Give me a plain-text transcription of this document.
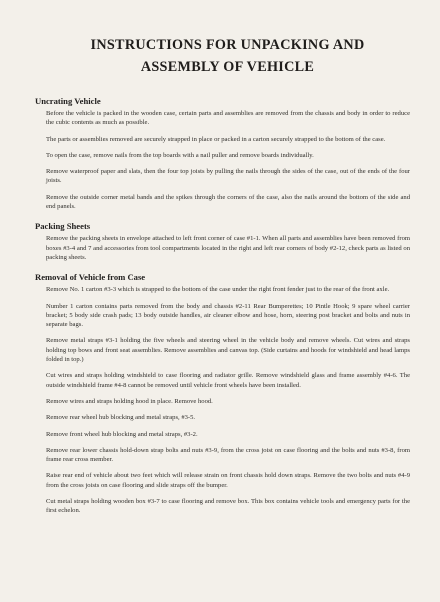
INSTRUCTIONS FOR UNPACKING AND
ASSEMBLY OF VEHICLE
Uncrating Vehicle

Before the vehicle is packed in the wooden case, certain parts and assemblies are removed from the chassis and body in order to reduce the cubic contents as much as possible.

The parts or assemblies removed are securely strapped in place or packed in a carton securely strapped to the bottom of the case.

To open the case, remove nails from the top boards with a nail puller and remove boards individually.

Remove waterproof paper and slats, then the four top joists by pulling the nails through the sides of the case, out of the ends of the four joists.

Remove the outside corner metal bands and the spikes through the corners of the case, also the nails around the bottom of the side and end panels.

Packing Sheets

Remove the packing sheets in envelope attached to left front corner of case #1-1. When all parts and assemblies have been removed from boxes #3-4 and 7 and accessories from tool compartments located in the right and left rear corners of body #2-12, check parts as listed on packing sheets.

Removal of Vehicle from Case

Remove No. 1 carton #3-3 which is strapped to the bottom of the case under the right front fender just to the rear of the front axle.

Number 1 carton contains parts removed from the body and chassis #2-11 Rear Bumperettes; 10 Pintle Hook; 9 spare wheel carrier bracket; 5 body side crash pads; 13 body outside handles, air cleaner elbow and hose, horn, steering post bracket and bolts and nuts in separate bags.

Remove metal straps #3-1 holding the five wheels and steering wheel in the vehicle body and remove wheels. Cut wires and straps holding top bows and front seat assemblies. Remove assemblies and canvas top. (Side curtains and hoods for windshield and head lamps folded in top.)

Cut wires and straps holding windshield to case flooring and radiator grille. Remove windshield glass and frame assembly #4-6. The outside windshield frame #4-8 cannot be removed until vehicle front wheels have been installed.

Remove wires and straps holding hood in place. Remove hood.

Remove rear wheel hub blocking and metal straps, #3-5.

Remove front wheel hub blocking and metal straps, #3-2.

Remove rear lower chassis hold-down strap bolts and nuts #3-9, from the cross joist on case flooring and the bolts and nuts #3-8, from frame rear cross member.

Raise rear end of vehicle about two feet which will release strain on front chassis hold down straps. Remove the two bolts and nuts #4-9 from the cross joists on case flooring and slide straps off the bumper.

Cut metal straps holding wooden box #3-7 to case flooring and remove box. This box contains vehicle tools and emergency parts for the first echelon.
